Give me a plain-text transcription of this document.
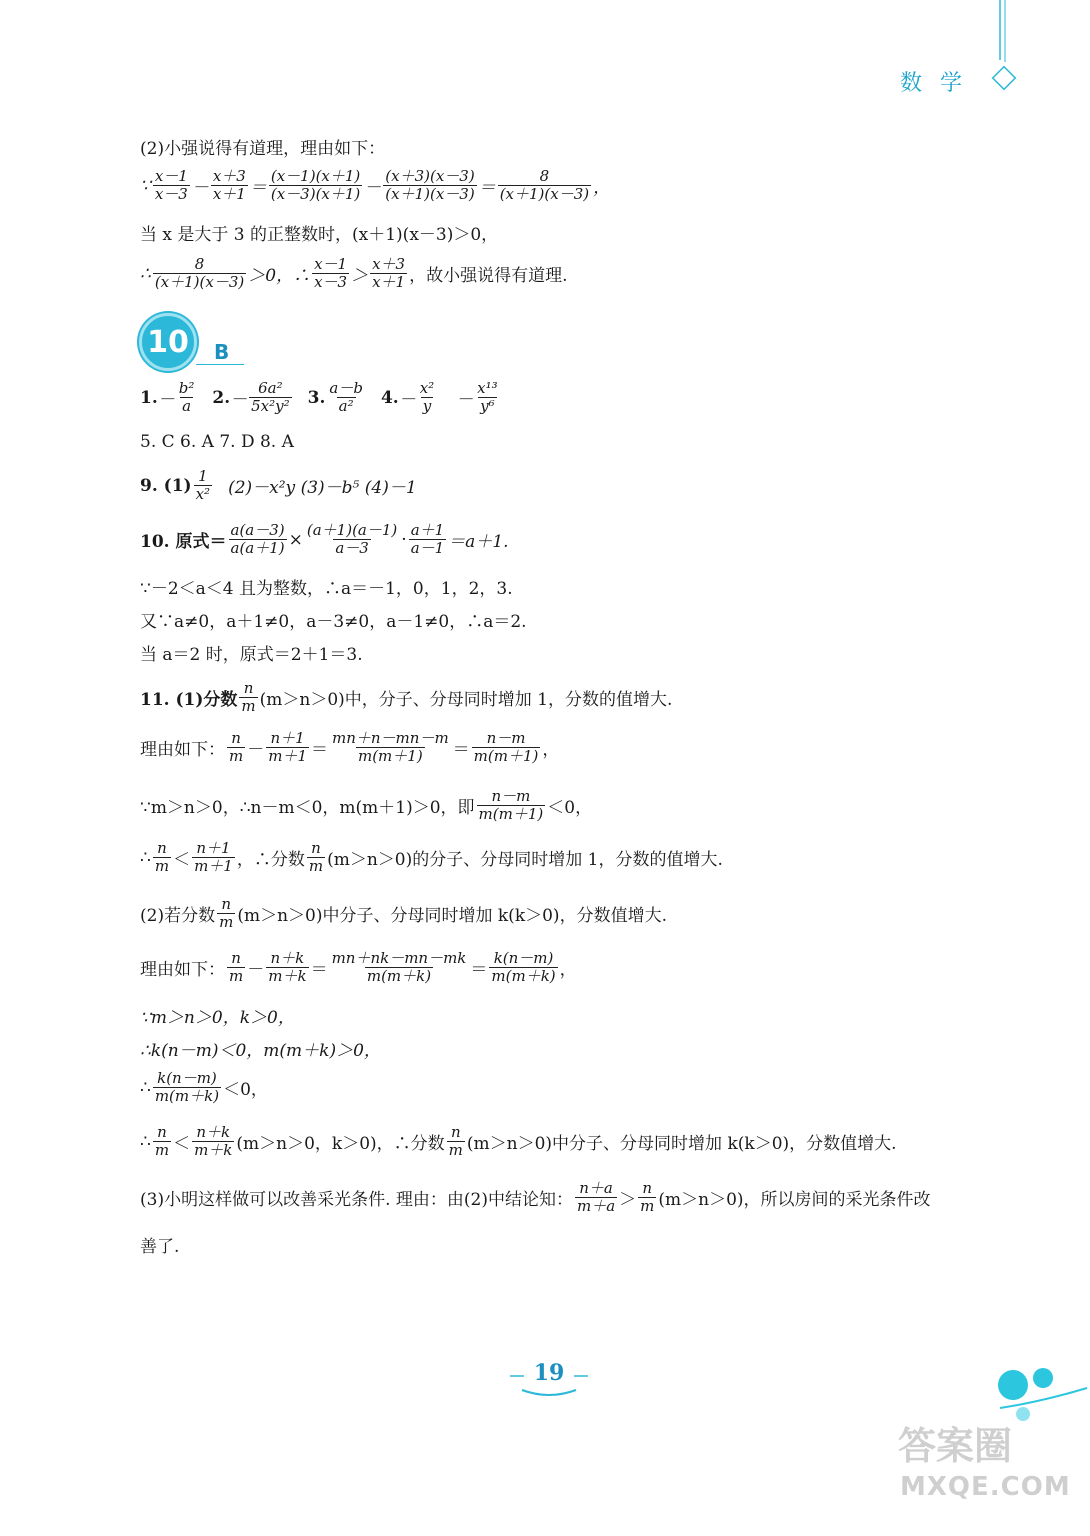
数学
(2)小强说得有道理，理由如下：
∵ x－1
x－3 －
x＋3
x＋1 ＝
(x－1)(x＋1)
(x－3)(x＋1) －
(x＋3)(x－3)
(x＋1)(x－3) ＝
8
(x＋1)(x－3) ，
当 x 是大于 3 的正整数时，(x＋1)(x－3)＞0，
∴	8
(x＋1)(x－3) ＞0，∴
x－1
x－3 ＞
x＋3
x＋1 ，故小强说得有道理.
10	B
1. －
b²
a 2. －
6a²
5x²y² 3. a－b
a² 4. －
x²
y －
x¹³
y⁶
5. C 6. A 7. D 8. A
9. (1) 1
x² (2)－x²y (3)－b⁵ (4)－1
10. 原式＝ $\frac{a(a-3)}{a(a+1)} \times \frac{(a+1)(a-1)}{a-3} \cdot a+1$
a－1 ＝a＋1.
∵－2＜a＜4 且为整数，∴a＝－1，0，1，2，3.
又∵a≠0，a＋1≠0，a－3≠0，a－1≠0，∴a＝2.
当 a＝2 时，原式＝2＋1＝3.
11. (1)分数
n
m (m＞n＞0)中，分子、分母同时增加 1，分数的值增大.
理由如下：
n
m －
n＋1
m＋1 ＝
mn＋n－mn－m
m(m＋1) ＝
n－m
m(m＋1) ，
∵m＞n＞0，∴n－m＜0，m(m＋1)＞0，即
n－m
m(m＋1) ＜0，
∴ n
m ＜
n＋1
m＋1 ，∴分数
n
m (m＞n＞0)的分子、分母同时增加 1，分数的值增大.
(2)若分数
n
m (m＞n＞0)中分子、分母同时增加 k(k＞0)，分数值增大.
理由如下：
n
m －
n＋k
m＋k ＝
mn＋nk－mn－mk
m(m＋k) ＝
k(n－m)
m(m＋k) ，
∵m＞n＞0，k＞0，
∴k(n－m)＜0，m(m＋k)＞0，
∴ k(n－m)
m(m＋k) ＜0，
∴ n
m ＜
n＋k
m＋k (m＞n＞0，k＞0)，∴分数
n
m (m＞n＞0)中分子、分母同时增加 k(k＞0)，分数值增大.
(3)小明这样做可以改善采光条件. 理由：由(2)中结论知：
n＋a
m＋a ＞
n
m (m＞n＞0)，所以房间的采光条件改
善了.
19
答案圈
MXQE.COM
